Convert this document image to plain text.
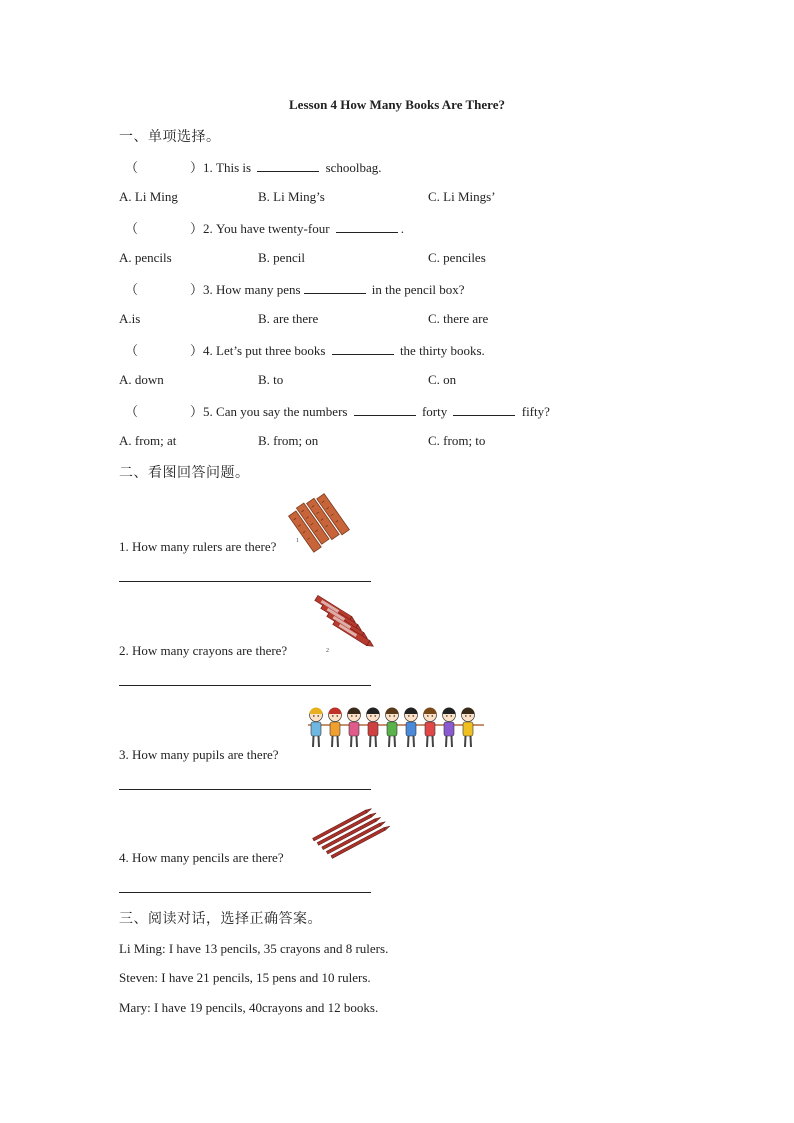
Lesson 4 How Many Books Are There?
一、单项选择。
（	）1. This is	schoolbag.
A. Li Ming	B. Li Ming’s	C. Li Mings’
（	）2. You have twenty-four	.
A. pencils	B. pencil	C. penciles
（	）3. How many pens	in the pencil box?
A.is	B. are there	C. there are
（	）4. Let’s put three books	the thirty books.
A. down	B. to	C. on
（	）5. Can you say the numbers	forty	fifty?
A. from; at	B. from; on	C. from; to
二、看图回答问题。
1. How many rulers are there?	1
2. How many crayons are there?	2
3. How many pupils are there?
4. How many pencils are there?
三、阅读对话，选择正确答案。
Li Ming: I have 13 pencils, 35 crayons and 8 rulers.
Steven: I have 21 pencils, 15 pens and 10 rulers.
Mary: I have 19 pencils, 40crayons and 12 books.
